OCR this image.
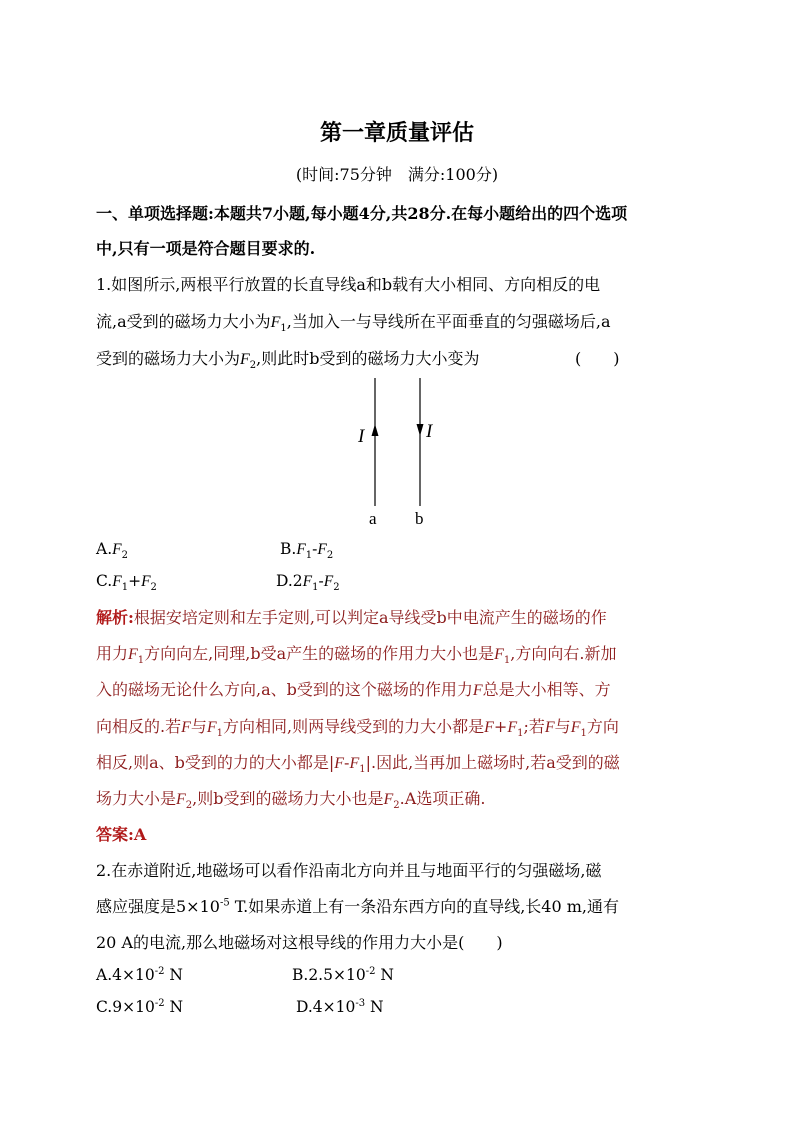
第一章质量评估
(时间:75分钟　满分:100分)
一、单项选择题:本题共7小题,每小题4分,共28分.在每小题给出的四个选项
中,只有一项是符合题目要求的.
1.如图所示,两根平行放置的长直导线a和b载有大小相同、方向相反的电
流,a受到的磁场力大小为$F_1$,当加入一与导线所在平面垂直的匀强磁场后,a
受到的磁场力大小为$F_2$,则此时b受到的磁场力大小变为	(　　)
I	I
a b
$A.F_2$	$B.F_1-F_2$
$C.F_1+F_2$	$D.2F_1-F_2$
解析:根据安培定则和左手定则,可以判定a导线受b中电流产生的磁场的作
用力$F_1$方向向左,同理,b受a产生的磁场的作用力大小也是$F_1$,方向向右.新加
入的磁场无论什么方向,a、b受到的这个磁场的作用力F总是大小相等、方
向相反的.若F与$F_1$方向相同,则两导线受到的力大小都是$F+F_1$;若F与$F_1$方向
相反,则a、b受到的力的大小都是$|F-F_1|$.因此,当再加上磁场时,若a受到的磁
场力大小是$F_2$,则b受到的磁场力大小也是$F_2.A$选项正确.
答案:A
2.在赤道附近,地磁场可以看作沿南北方向并且与地面平行的匀强磁场,磁
感应强度是$5\times 10^{-5}$ T.如果赤道上有一条沿东西方向的直导线,长40 m,通有
20 A的电流,那么地磁场对这根导线的作用力大小是(　　)
$A.4\times 10^{-2}$ N	$B.2.5\times 10^{-2}$ N
$C.9\times 10^{-2}$ N	$D.4\times 10^{-3}$ N
